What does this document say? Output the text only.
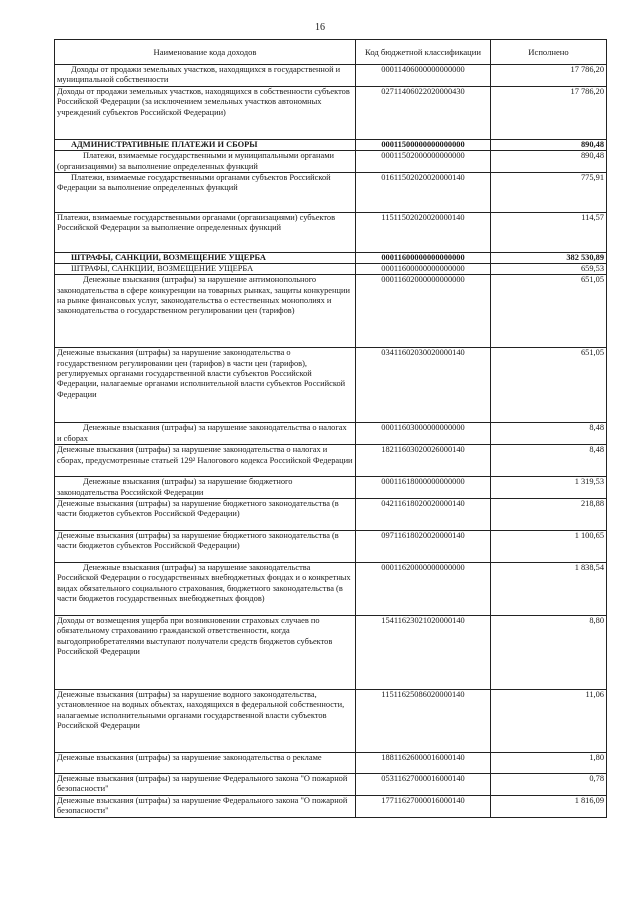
16
Наименование кода доходов	Код бюджетной классификации	Исполнено
Доходы от продажи земельных участков, находящихся в государственной и муниципальной собственности	00011406000000000000	17 786,20
Доходы от продажи земельных участков, находящихся в собственности субъектов Российской Федерации (за исключением земельных участков автономных учреждений субъектов Российской Федерации)	02711406022020000430	17 786,20
АДМИНИСТРАТИВНЫЕ ПЛАТЕЖИ И СБОРЫ	00011500000000000000	890,48
Платежи, взимаемые государственными и муниципальными органами (организациями) за выполнение определенных функций	00011502000000000000	890,48
Платежи, взимаемые государственными органами субъектов Российской Федерации за выполнение определенных функций	01611502020020000140	775,91
Платежи, взимаемые государственными органами (организациями) субъектов Российской Федерации за выполнение определенных функций	11511502020020000140	114,57
ШТРАФЫ, САНКЦИИ, ВОЗМЕЩЕНИЕ УЩЕРБА	00011600000000000000	382 530,89
ШТРАФЫ, САНКЦИИ, ВОЗМЕЩЕНИЕ УЩЕРБА	00011600000000000000	659,53
Денежные взыскания (штрафы) за нарушение антимонопольного законодательства в сфере конкуренции на товарных рынках, защиты конкуренции на рынке финансовых услуг, законодательства о естественных монополиях и законодательства о государственном регулировании цен (тарифов)	00011602000000000000	651,05
Денежные взыскания (штрафы) за нарушение законодательства о государственном регулировании цен (тарифов) в части цен (тарифов), регулируемых органами государственной власти субъектов Российской Федерации, налагаемые органами исполнительной власти субъектов Российской Федерации	03411602030020000140	651,05
Денежные взыскания (штрафы) за нарушение законодательства о налогах и сборах	00011603000000000000	8,48
Денежные взыскания (штрафы) за нарушение законодательства о налогах и сборах, предусмотренные статьей 129² Налогового кодекса Российской Федерации	18211603020026000140	8,48
Денежные взыскания (штрафы) за нарушение бюджетного законодательства Российской Федерации	00011618000000000000	1 319,53
Денежные взыскания (штрафы) за нарушение бюджетного законодательства (в части бюджетов субъектов Российской Федерации)	04211618020020000140	218,88
Денежные взыскания (штрафы) за нарушение бюджетного законодательства (в части бюджетов субъектов Российской Федерации)	09711618020020000140	1 100,65
Денежные взыскания (штрафы) за нарушение законодательства Российской Федерации о государственных внебюджетных фондах и о конкретных видах обязательного социального страхования, бюджетного законодательства (в части бюджетов государственных внебюджетных фондов)	00011620000000000000	1 838,54
Доходы от возмещения ущерба при возникновении страховых случаев по обязательному страхованию гражданской ответственности, когда выгодоприобретателями выступают получатели средств бюджетов субъектов Российской Федерации	15411623021020000140	8,80
Денежные взыскания (штрафы) за нарушение водного законодательства, установленное на водных объектах, находящихся в федеральной собственности, налагаемые исполнительными органами государственной власти субъектов Российской Федерации	11511625086020000140	11,06
Денежные взыскания (штрафы) за нарушение законодательства о рекламе	18811626000016000140	1,80
Денежные взыскания (штрафы) за нарушение Федерального закона "О пожарной безопасности"	05311627000016000140	0,78
Денежные взыскания (штрафы) за нарушение Федерального закона "О пожарной безопасности"	17711627000016000140	1 816,09
